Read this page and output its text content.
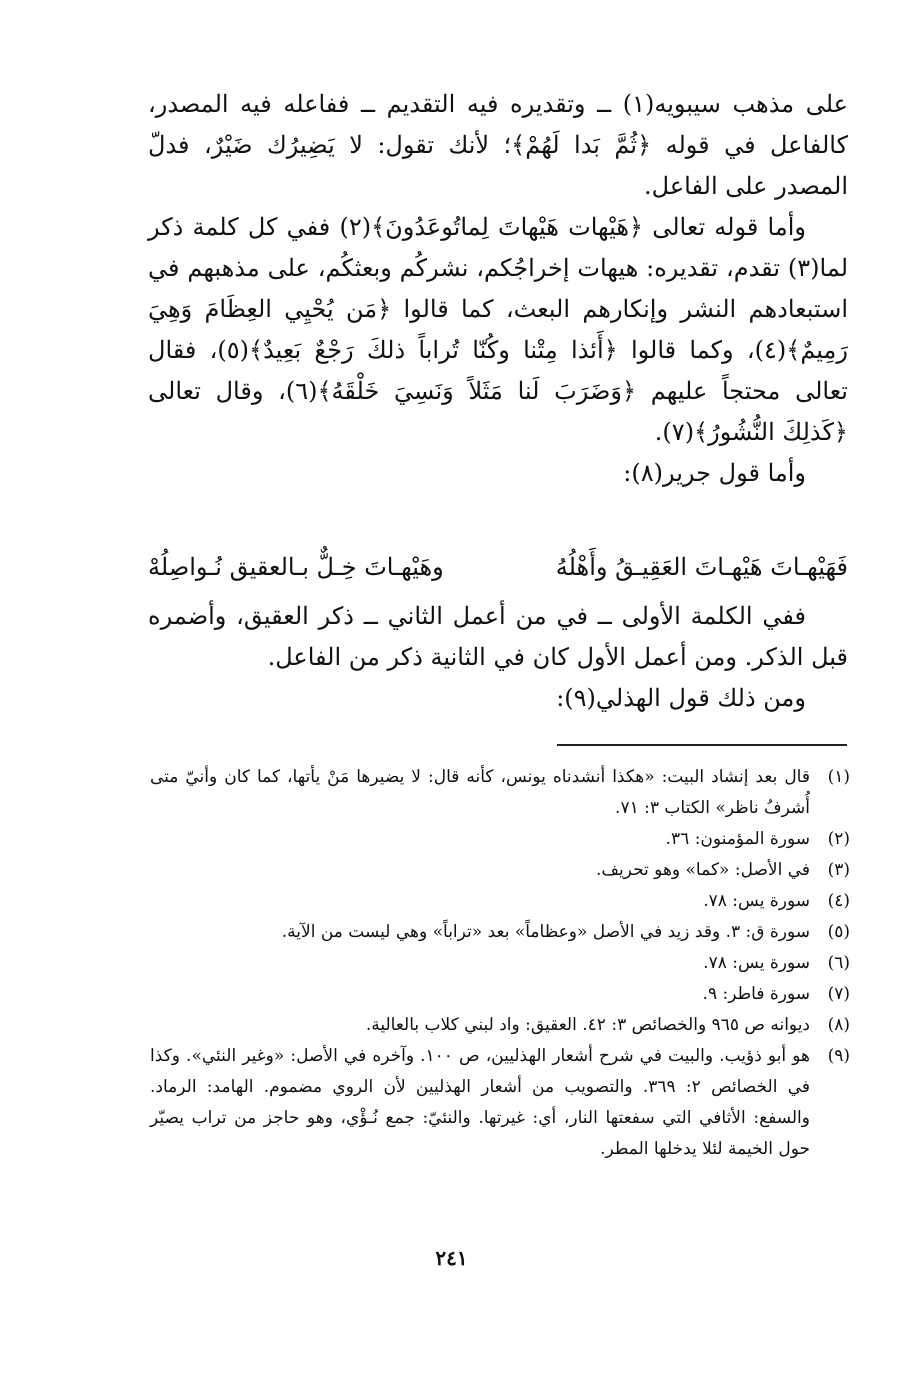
على مذهب سيبويه(١) ــ وتقديره فيه التقديم ــ ففاعله فيه المصدر، كالفاعل في قوله ﴿ثُمَّ بَدا لَهُمْ﴾؛ لأنك تقول: لا يَضِيرُك ضَيْرٌ، فدلّ المصدر على الفاعل.

وأما قوله تعالى ﴿هَيْهات هَيْهاتَ لِماتُوعَدُونَ﴾(٢) ففي كل كلمة ذكر لما(٣) تقدم، تقديره: هيهات إخراجُكم، نشركُم وبعثكُم، على مذهبهم في استبعادهم النشر وإنكارهم البعث، كما قالوا ﴿مَن يُحْيِي العِظَامَ وَهِيَ رَمِيمٌ﴾(٤)، وكما قالوا ﴿أَئذا مِتْنا وكُنّا تُراباً ذلكَ رَجْعٌ بَعِيدٌ﴾(٥)، فقال تعالى محتجاً عليهم ﴿وَضَرَبَ لَنا مَثَلاً وَنَسِيَ خَلْقَهُ﴾(٦)، وقال تعالى ﴿كَذلِكَ النُّشُورُ﴾(٧).

وأما قول جرير(٨):

فَهَيْهـاتَ هَيْهـاتَ العَقِيـقُ وأَهْلُهُ
وهَيْهـاتَ خِـلٌّ بـالعقيق نُـواصِلُهْ

ففي الكلمة الأولى ــ في من أعمل الثاني ــ ذكر العقيق، وأضمره قبل الذكر. ومن أعمل الأول كان في الثانية ذكر من الفاعل.

ومن ذلك قول الهذلي(٩):

(١)
قال بعد إنشاد البيت: «هكذا أنشدناه يونس، كأنه قال: لا يضيرها مَنْ يأتها، كما كان وأنيّ متى أُشرفُ ناظر» الكتاب ٣: ٧١.

(٢)
سورة المؤمنون: ٣٦.

(٣)
في الأصل: «كما» وهو تحريف.

(٤)
سورة يس: ٧٨.

(٥)
سورة ق: ٣. وقد زيد في الأصل «وعظاماً» بعد «تراباً» وهي ليست من الآية.

(٦)
سورة يس: ٧٨.

(٧)
سورة فاطر: ٩.

(٨)
ديوانه ص ٩٦٥ والخصائص ٣: ٤٢. العقيق: واد لبني كلاب بالعالية.

(٩)
هو أبو ذؤيب. والبيت في شرح أشعار الهذليين، ص ١٠٠. وآخره في الأصل: «وغير النئي». وكذا في الخصائص ٢: ٣٦٩. والتصويب من أشعار الهذليين لأن الروي مضموم. الهامد: الرماد. والسفع: الأثافي التي سفعتها النار، أي: غيرتها. والنئيّ: جمع نُـؤْي، وهو حاجز من تراب يصيّر حول الخيمة لئلا يدخلها المطر.

٢٤١
